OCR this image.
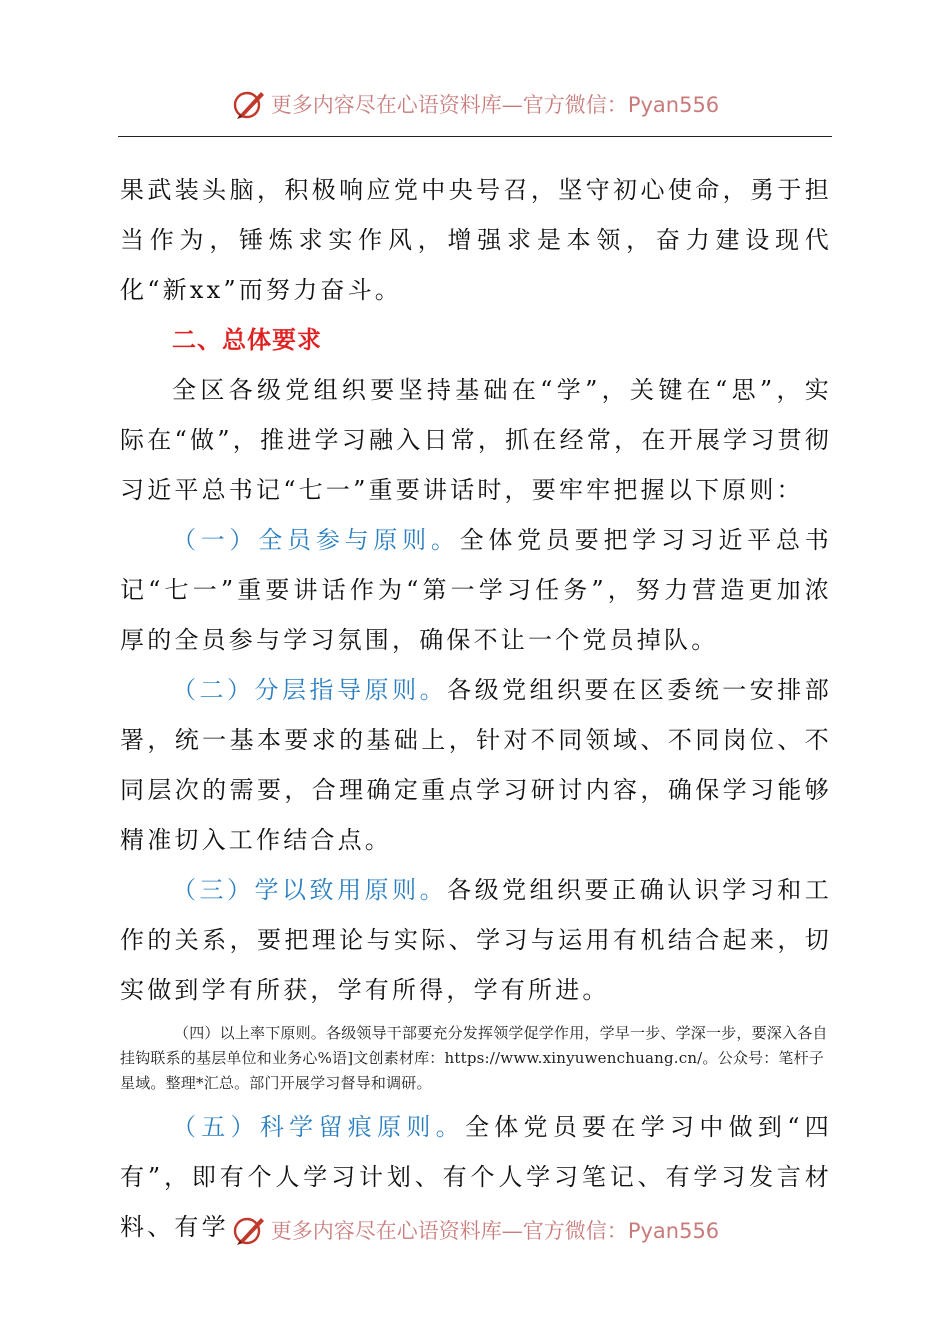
更多内容尽在心语资料库—官方微信：Pyan556

果武装头脑，积极响应党中央号召，坚守初心使命，勇于担当作为，锤炼求实作风，增强求是本领，奋力建设现代化“新xx”而努力奋斗。

二、总体要求

全区各级党组织要坚持基础在“学”，关键在“思”，实际在“做”，推进学习融入日常，抓在经常，在开展学习贯彻习近平总书记“七一”重要讲话时，要牢牢把握以下原则：

（一）全员参与原则。全体党员要把学习习近平总书记“七一”重要讲话作为“第一学习任务”，努力营造更加浓厚的全员参与学习氛围，确保不让一个党员掉队。

（二）分层指导原则。各级党组织要在区委统一安排部署，统一基本要求的基础上，针对不同领域、不同岗位、不同层次的需要，合理确定重点学习研讨内容，确保学习能够精准切入工作结合点。

（三）学以致用原则。各级党组织要正确认识学习和工作的关系，要把理论与实际、学习与运用有机结合起来，切实做到学有所获，学有所得，学有所进。

（四）以上率下原则。各级领导干部要充分发挥领学促学作用，学早一步、学深一步，要深入各自挂钩联系的基层单位和业务心%语]文创素材库：https://www.xinyuwenchuang.cn/。公众号：笔杆子星域。整理*汇总。部门开展学习督导和调研。

（五）科学留痕原则。全体党员要在学习中做到“四有”，即有个人学习计划、有个人学习笔记、有学习发言材料、有学	更多内容尽在心语资料库—官方微信：Pyan556
